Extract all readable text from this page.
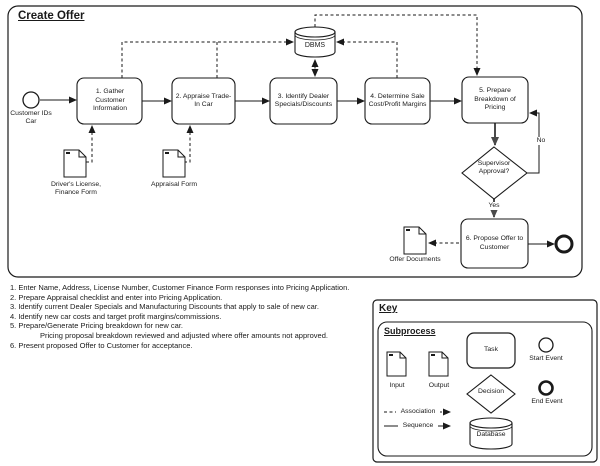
Create Offer
Customer IDs Car
1. Gather Customer Information
2. Appraise Trade-In Car
3. Identify Dealer Specials/Discounts
4. Determine Sale Cost/Profit Margins
5. Prepare Breakdown of Pricing
6. Propose Offer to Customer
DBMS
Driver's License, Finance Form
Appraisal Form
Offer Documents
Supervisor Approval?
Yes
No
1. Enter Name, Address, License Number, Customer Finance Form responses into Pricing Application.
2. Prepare Appraisal checklist and enter into Pricing Application.
3. Identify current Dealer Specials and Manufacturing Discounts that apply to sale of new car.
4. Identify new car costs and target profit margins/commissions.
5. Prepare/Generate Pricing breakdown for new car.
Pricing proposal breakdown reviewed and adjusted where offer amounts not approved.
6. Present proposed Offer to Customer for acceptance.
Key
Subprocess
Task
Start Event
Decision
End Event
Input	Output
Association
Sequence
Database
